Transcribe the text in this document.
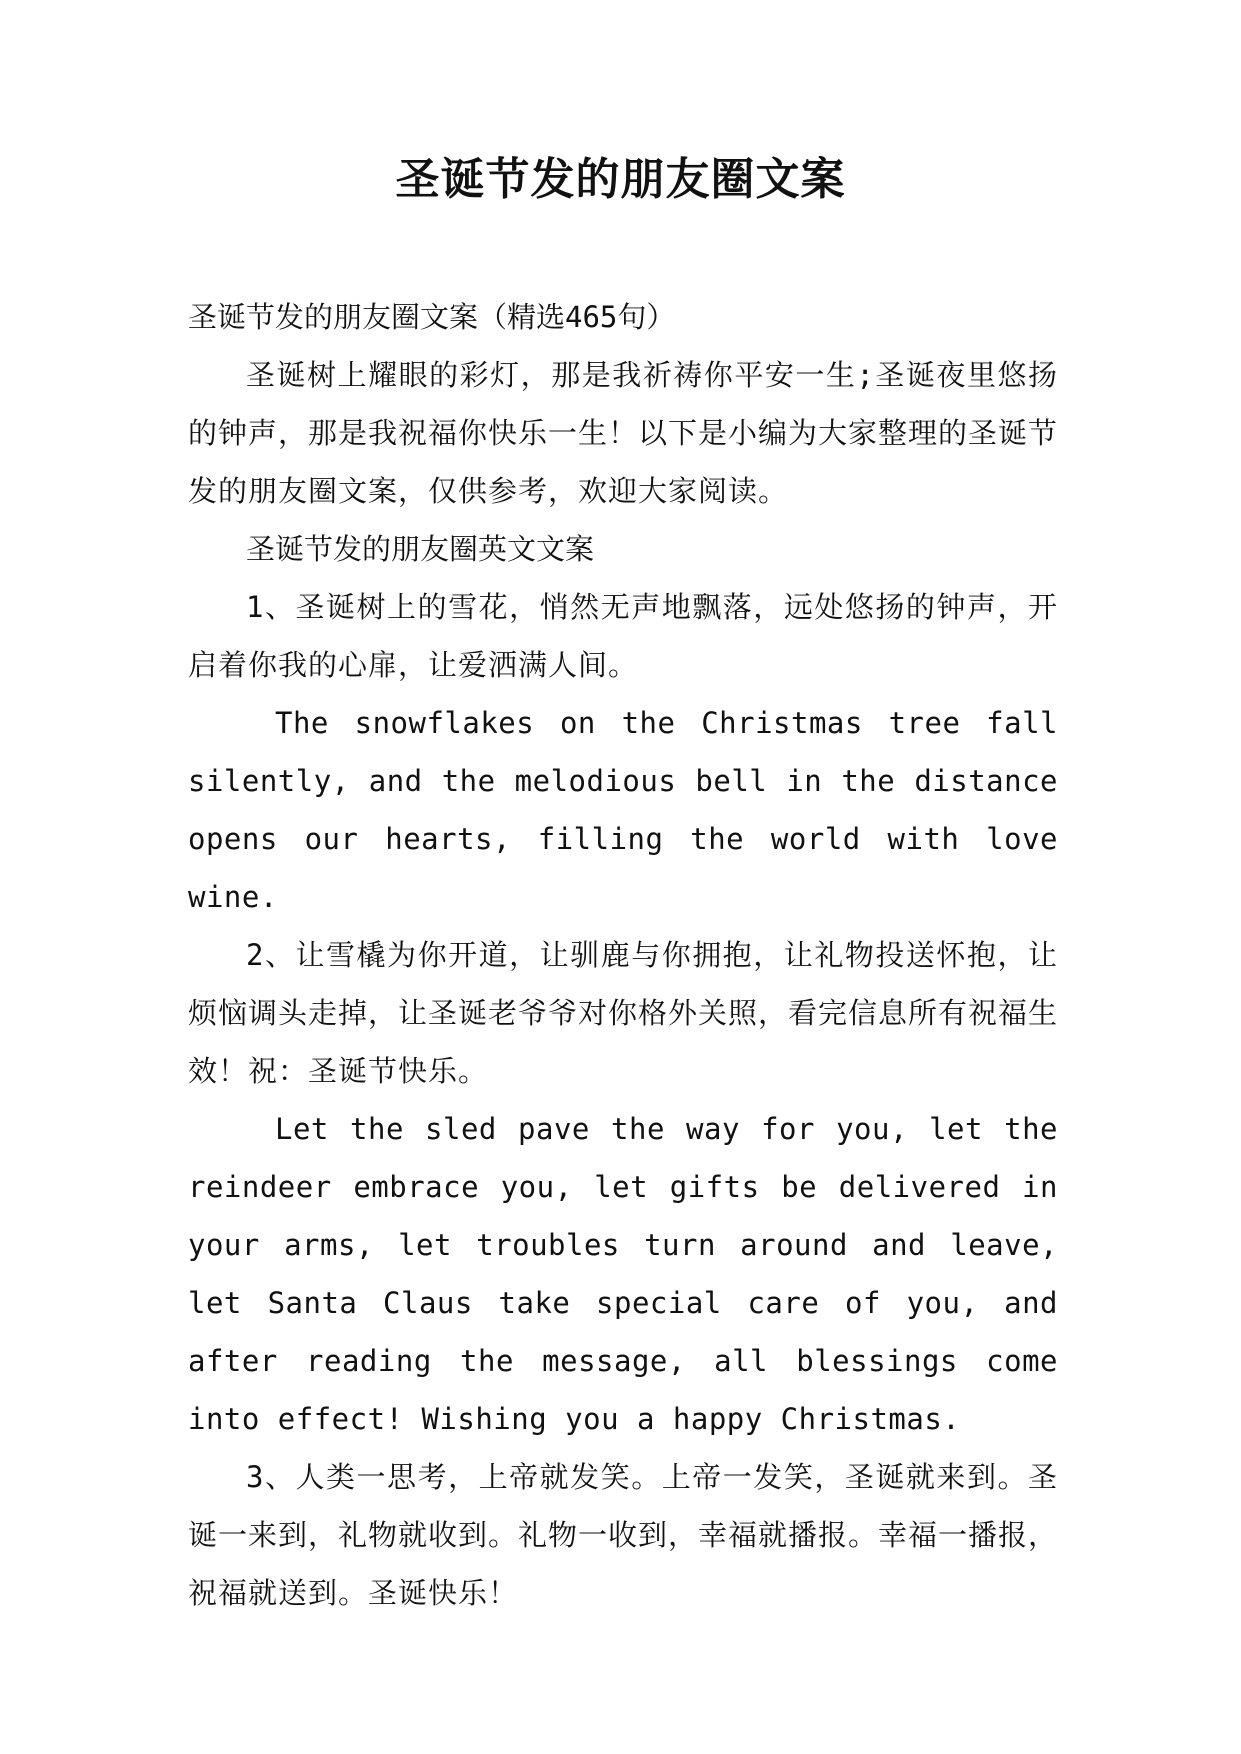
圣诞节发的朋友圈文案

圣诞节发的朋友圈文案（精选465句）

圣诞树上耀眼的彩灯，那是我祈祷你平安一生;圣诞夜里悠扬的钟声，那是我祝福你快乐一生！以下是小编为大家整理的圣诞节发的朋友圈文案，仅供参考，欢迎大家阅读。

圣诞节发的朋友圈英文文案

1、圣诞树上的雪花，悄然无声地飘落，远处悠扬的钟声，开启着你我的心扉，让爱洒满人间。

The snowflakes on the Christmas tree fall silently, and the melodious bell in the distance opens our hearts, filling the world with love wine.

2、让雪橇为你开道，让驯鹿与你拥抱，让礼物投送怀抱，让烦恼调头走掉，让圣诞老爷爷对你格外关照，看完信息所有祝福生效！祝：圣诞节快乐。

Let the sled pave the way for you, let the reindeer embrace you, let gifts be delivered in your arms, let troubles turn around and leave, let Santa Claus take special care of you, and after reading the message, all blessings come into effect! Wishing you a happy Christmas.

3、人类一思考，上帝就发笑。上帝一发笑，圣诞就来到。圣诞一来到，礼物就收到。礼物一收到，幸福就播报。幸福一播报，祝福就送到。圣诞快乐！
